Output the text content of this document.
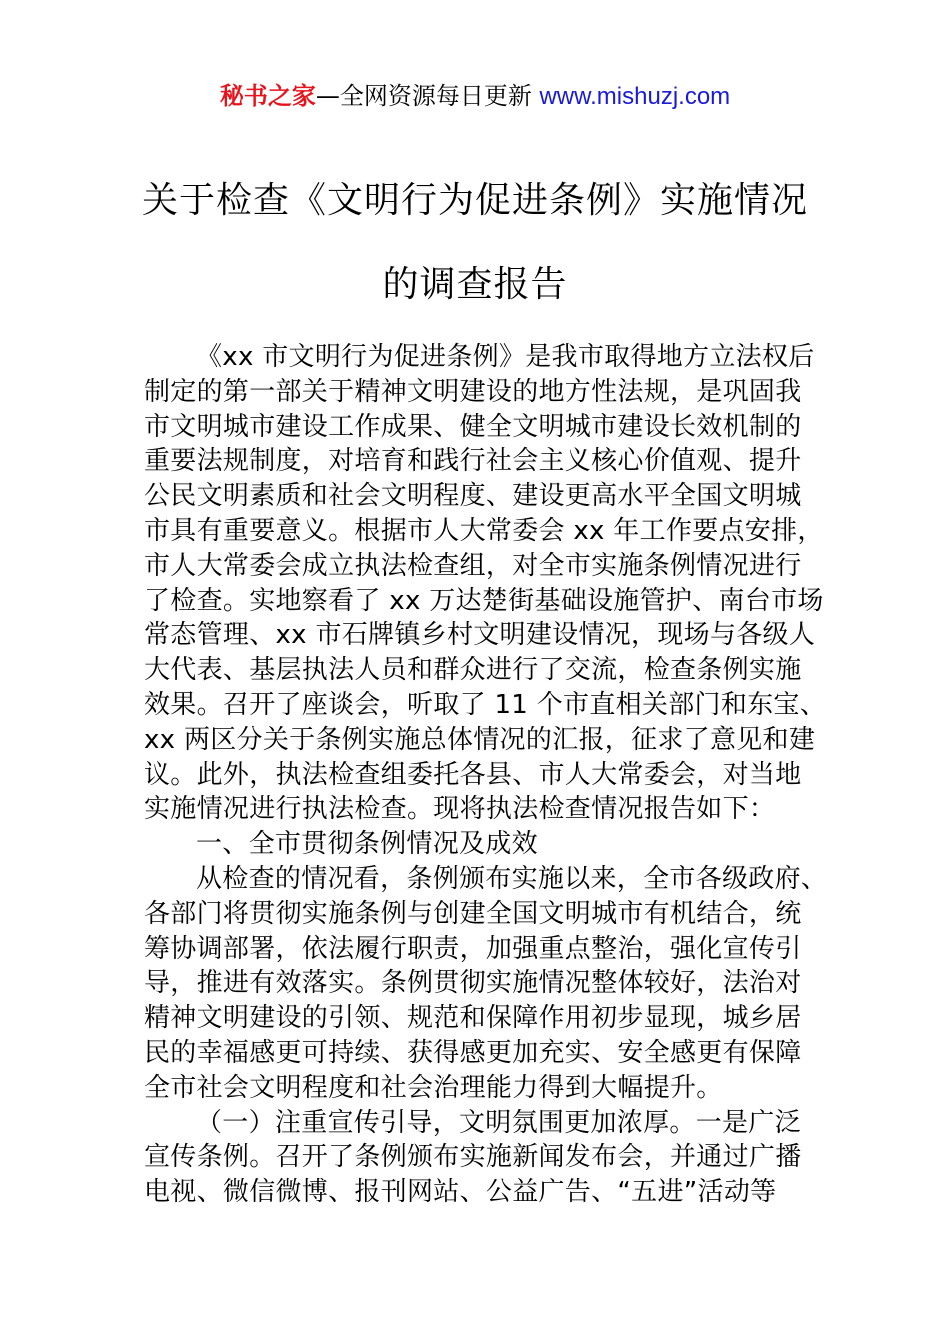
秘书之家—全网资源每日更新 www.mishuzj.com
关于检查《文明行为促进条例》实施情况
的调查报告
《xx 市文明行为促进条例》是我市取得地方立法权后
制定的第一部关于精神文明建设的地方性法规，是巩固我
市文明城市建设工作成果、健全文明城市建设长效机制的
重要法规制度，对培育和践行社会主义核心价值观、提升
公民文明素质和社会文明程度、建设更高水平全国文明城
市具有重要意义。根据市人大常委会 xx 年工作要点安排，
市人大常委会成立执法检查组，对全市实施条例情况进行
了检查。实地察看了 xx 万达楚街基础设施管护、南台市场
常态管理、xx 市石牌镇乡村文明建设情况，现场与各级人
大代表、基层执法人员和群众进行了交流，检查条例实施
效果。召开了座谈会，听取了 11 个市直相关部门和东宝、
xx 两区分关于条例实施总体情况的汇报，征求了意见和建
议。此外，执法检查组委托各县、市人大常委会，对当地
实施情况进行执法检查。现将执法检查情况报告如下：
一、全市贯彻条例情况及成效
从检查的情况看，条例颁布实施以来，全市各级政府、
各部门将贯彻实施条例与创建全国文明城市有机结合，统
筹协调部署，依法履行职责，加强重点整治，强化宣传引
导，推进有效落实。条例贯彻实施情况整体较好，法治对
精神文明建设的引领、规范和保障作用初步显现，城乡居
民的幸福感更可持续、获得感更加充实、安全感更有保障
全市社会文明程度和社会治理能力得到大幅提升。
（一）注重宣传引导，文明氛围更加浓厚。一是广泛
宣传条例。召开了条例颁布实施新闻发布会，并通过广播
电视、微信微博、报刊网站、公益广告、“五进”活动等
